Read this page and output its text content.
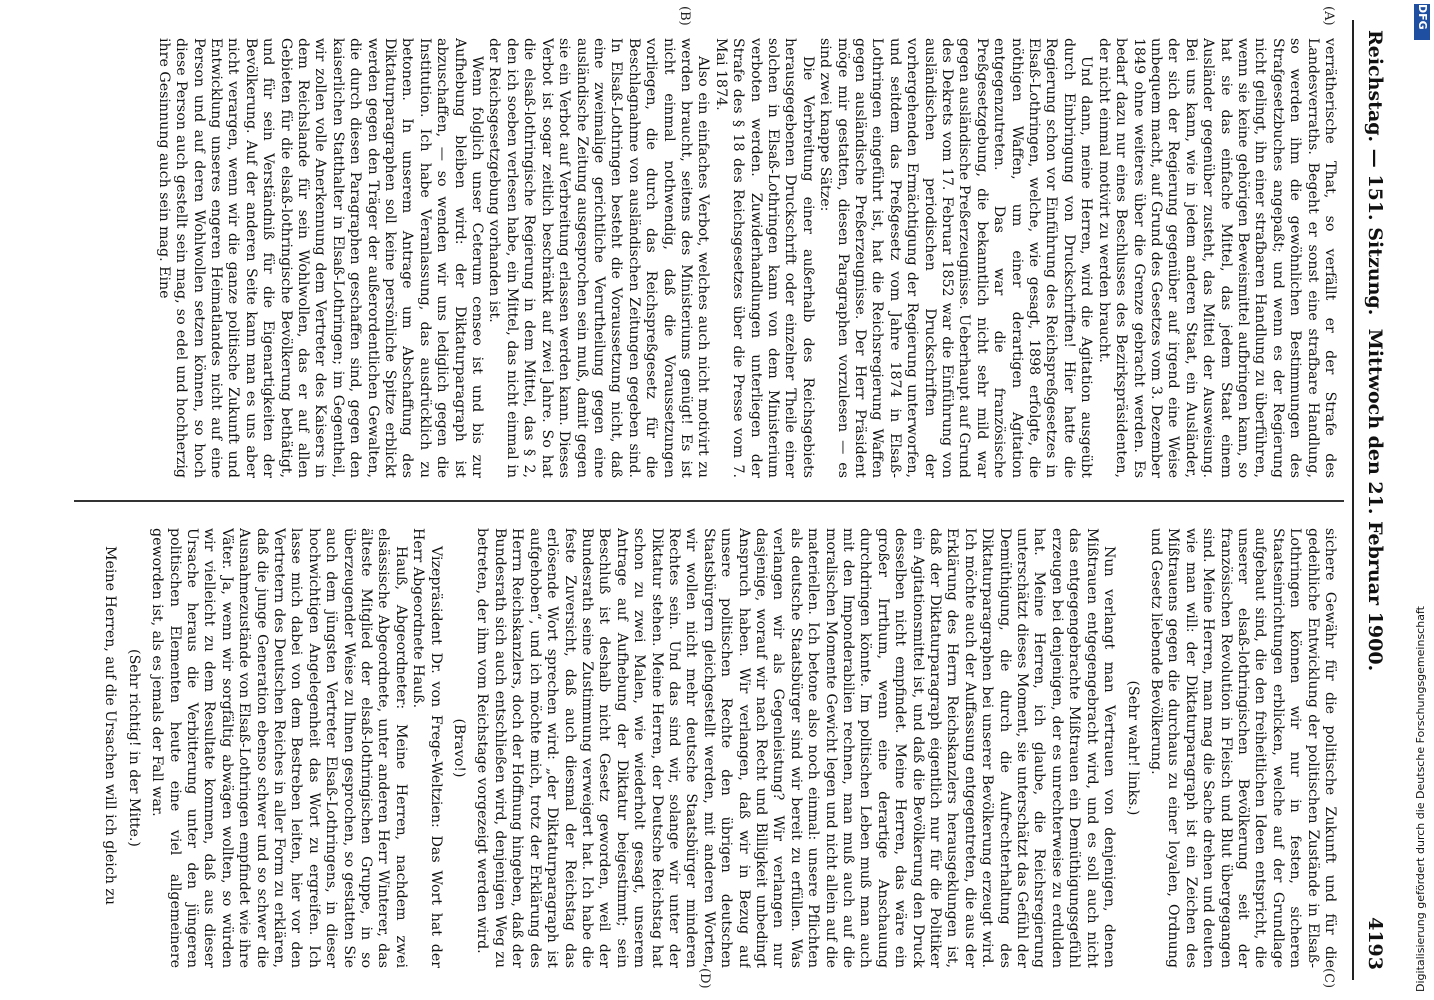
Reichstag. — 151. Sitzung.
Mittwoch den 21. Februar 1900.
4193
(A)
(B)
(C)
(D)

verrätherische That, so verfällt er der Strafe des Landesverraths. Begeht er sonst eine strafbare Handlung, so werden ihm die gewöhnlichen Bestimmungen des Strafgesetzbuches angepaßt; und wenn es der Regierung nicht gelingt, ihn einer strafbaren Handlung zu überführen, wenn sie keine gehörigen Beweismittel aufbringen kann, so hat sie das einfache Mittel, das jedem Staat einem Ausländer gegenüber zusteht, das Mittel der Ausweisung. Bei uns kann, wie in jedem anderen Staat, ein Ausländer, der sich der Regierung gegenüber auf irgend eine Weise unbequem macht, auf Grund des Gesetzes vom 3. Dezember 1849 ohne weiteres über die Grenze gebracht werden. Es bedarf dazu nur eines Beschlusses des Bezirkspräsidenten, der nicht einmal motivirt zu werden braucht.

Und dann, meine Herren, wird die Agitation ausgeübt durch Einbringung von Druckschriften! Hier hatte die Regierung schon vor Einführung des Reichspreßgesetzes in Elsaß-Lothringen, welche, wie gesagt, 1898 erfolgte, die nöthigen Waffen, um einer derartigen Agitation entgegenzutreten. Das war die französische Preßgesetzgebung, die bekanntlich nicht sehr mild war gegen ausländische Preßerzeugnisse. Ueberhaupt auf Grund des Dekrets vom 17. Februar 1852 war die Einführung von ausländischen periodischen Druckschriften der vorhergehenden Ermächtigung der Regierung unterworfen, und seitdem das Preßgesetz vom Jahre 1874 in Elsaß-Lothringen eingeführt ist, hat die Reichsregierung Waffen gegen ausländische Preßerzeugnisse. Der Herr Präsident möge mir gestatten, diesen Paragraphen vorzulesen — es sind zwei knappe Sätze:

Die Verbreitung einer außerhalb des Reichsgebiets herausgegebenen Druckschrift oder einzelner Theile einer solchen in Elsaß-Lothringen kann von dem Ministerium verboten werden. Zuwiderhandlungen unterliegen der Strafe des § 18 des Reichsgesetzes über die Presse vom 7. Mai 1874.

Also ein einfaches Verbot, welches auch nicht motivirt zu werden braucht, seitens des Ministeriums genügt! Es ist nicht einmal nothwendig, daß die Voraussetzungen vorliegen, die durch das Reichspreßgesetz für die Beschlagnahme von ausländischen Zeitungen gegeben sind. In Elsaß-Lothringen besteht die Voraussetzung nicht, daß eine zweimalige gerichtliche Verurtheilung gegen eine ausländische Zeitung ausgesprochen sein muß, damit gegen sie ein Verbot auf Verbreitung erlassen werden kann. Dieses Verbot ist sogar zeitlich beschränkt auf zwei Jahre. So hat die elsaß-lothringische Regierung in dem Mittel, das § 2, den ich soeben verlesen habe, ein Mittel, das nicht einmal in der Reichsgesetzgebung vorhanden ist.

Wenn folglich unser Ceterum censeo ist und bis zur Aufhebung bleiben wird: der Diktaturparagraph ist abzuschaffen, — so wenden wir uns lediglich gegen die Institution. Ich habe Veranlassung, das ausdrücklich zu betonen. In unserem Antrage um Abschaffung des Diktaturparagraphen soll keine persönliche Spitze erblickt werden gegen den Träger der außerordentlichen Gewalten, die durch diesen Paragraphen geschaffen sind, gegen den kaiserlichen Statthalter in Elsaß-Lothringen; im Gegentheil, wir zollen volle Anerkennung dem Vertreter des Kaisers in dem Reichslande für sein Wohlwollen, das er auf allen Gebieten für die elsaß-lothringische Bevölkerung bethätigt, und für sein Verständniß für die Eigenartigkeiten der Bevölkerung. Auf der anderen Seite kann man es uns aber nicht verargen, wenn wir die ganze politische Zukunft und Entwicklung unseres engeren Heimatlandes nicht auf eine Person und auf deren Wohlwollen setzen können, so hoch diese Person auch gestellt sein mag, so edel und hochherzig ihre Gesinnung auch sein mag. Eine

sichere Gewähr für die politische Zukunft und für die gedeihliche Entwicklung der politischen Zustände in Elsaß-Lothringen können wir nur in festen, sicheren Staatseinrichtungen erblicken, welche auf der Grundlage aufgebaut sind, die den freiheitlichen Ideen entspricht, die unserer elsaß-lothringischen Bevölkerung seit der französischen Revolution in Fleisch und Blut übergegangen sind. Meine Herren, man mag die Sache drehen und deuten wie man will: der Diktaturparagraph ist ein Zeichen des Mißtrauens gegen die durchaus zu einer loyalen, Ordnung und Gesetz liebende Bevölkerung.

(Sehr wahr! links.)

Nun verlangt man Vertrauen von denjenigen, denen Mißtrauen entgegengebracht wird, und es soll auch nicht das entgegengebrachte Mißtrauen ein Demüthigungsgefühl erzeugen bei denjenigen, der es unrechterweise zu erdulden hat. Meine Herren, ich glaube, die Reichsregierung unterschätzt dieses Moment, sie unterschätzt das Gefühl der Demüthigung, die durch die Aufrechterhaltung des Diktaturparagraphen bei unserer Bevölkerung erzeugt wird. Ich möchte auch der Auffassung entgegentreten, die aus der Erklärung des Herrn Reichskanzlers herausgeklungen ist, daß der Diktaturparagraph eigentlich nur für die Politiker ein Agitationsmittel ist, und daß die Bevölkerung den Druck desselben nicht empfindet. Meine Herren, das wäre ein großer Irrthum, wenn eine derartige Anschauung durchdringen könnte. Im politischen Leben muß man auch mit den Imponderabilien rechnen, man muß auch auf die moralischen Momente Gewicht legen und nicht allein auf die materiellen. Ich betone also noch einmal: unsere Pflichten als deutsche Staatsbürger sind wir bereit zu erfüllen. Was verlangen wir als Gegenleistung? Wir verlangen nur dasjenige, worauf wir nach Recht und Billigkeit unbedingt Anspruch haben. Wir verlangen, daß wir in Bezug auf unsere politischen Rechte den übrigen deutschen Staatsbürgern gleichgestellt werden, mit anderen Worten, wir wollen nicht mehr deutsche Staatsbürger minderen Rechtes sein. Und das sind wir, solange wir unter der Diktatur stehen. Meine Herren, der Deutsche Reichstag hat schon zu zwei Malen, wie wiederholt gesagt, unserem Antrage auf Aufhebung der Diktatur beigestimmt; sein Beschluß ist deshalb nicht Gesetz geworden, weil der Bundesrath seine Zustimmung verweigert hat. Ich habe die feste Zuversicht, daß auch diesmal der Reichstag das erlösende Wort sprechen wird: „der Diktaturparagraph ist aufgehoben“, und ich möchte mich, trotz der Erklärung des Herrn Reichskanzlers, doch der Hoffnung hingeben, daß der Bundesrath sich auch entschließen wird, denjenigen Weg zu betreten, der ihm vom Reichstage vorgezeigt werden wird.

(Bravo!)

Vizepräsident Dr. von Frege-Weltzien: Das Wort hat der Herr Abgeordnete Hauß.

Hauß, Abgeordneter: Meine Herren, nachdem zwei elsässische Abgeordnete, unter anderen Herr Winterer, das älteste Mitglied der elsaß-lothringischen Gruppe, in so überzeugender Weise zu Ihnen gesprochen, so gestatten Sie auch dem jüngsten Vertreter Elsaß-Lothringens, in dieser hochwichtigen Angelegenheit das Wort zu ergreifen. Ich lasse mich dabei von dem Bestreben leiten, hier vor den Vertretern des Deutschen Reiches in aller Form zu erklären, daß die junge Generation ebenso schwer und so schwer die Ausnahmezustände von Elsaß-Lothringen empfindet wie ihre Väter. Ja, wenn wir sorgfältig abwägen wollten, so würden wir vielleicht zu dem Resultate kommen, daß aus dieser Ursache heraus die Verbitterung unter den jüngeren politischen Elementen heute eine viel allgemeinere geworden ist, als es jemals der Fall war.

(Sehr richtig! in der Mitte.)

Meine Herren, auf die Ursachen will ich gleich zu

DFG
Digitalisierung gefördert durch die Deutsche Forschungsgemeinschaft
